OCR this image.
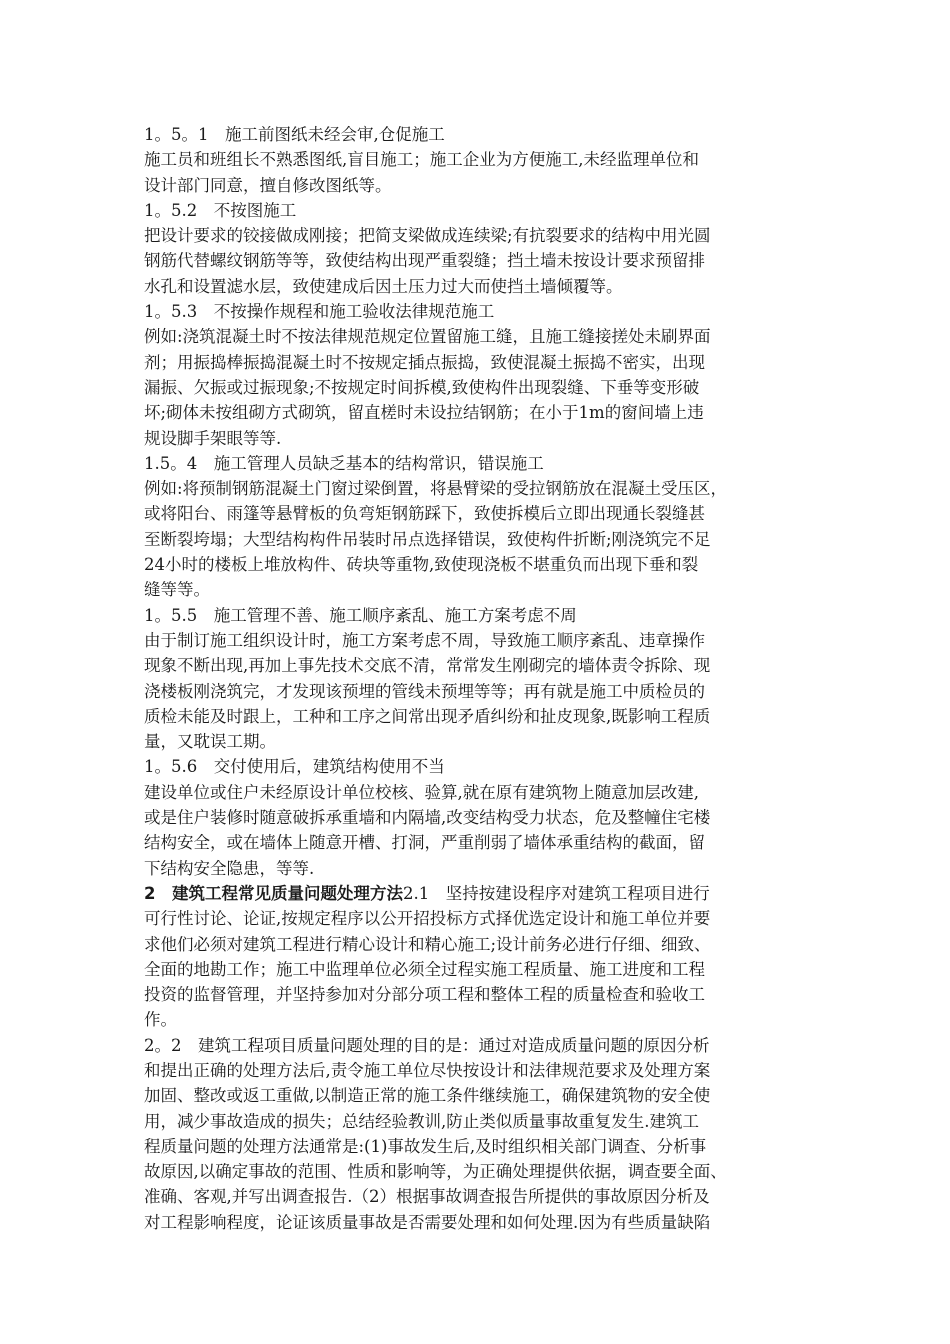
1。5。1　施工前图纸未经会审,仓促施工
施工员和班组长不熟悉图纸,盲目施工；施工企业为方便施工,未经监理单位和
设计部门同意，擅自修改图纸等。
1。5.2　不按图施工
把设计要求的铰接做成刚接；把简支梁做成连续梁;有抗裂要求的结构中用光圆
钢筋代替螺纹钢筋等等，致使结构出现严重裂缝；挡土墙未按设计要求预留排
水孔和设置滤水层，致使建成后因土压力过大而使挡土墙倾覆等。
1。5.3　不按操作规程和施工验收法律规范施工
例如:浇筑混凝土时不按法律规范规定位置留施工缝，且施工缝接搓处未刷界面
剂；用振捣棒振捣混凝土时不按规定插点振捣，致使混凝土振捣不密实，出现
漏振、欠振或过振现象;不按规定时间拆模,致使构件出现裂缝、下垂等变形破
坏;砌体未按组砌方式砌筑，留直槎时未设拉结钢筋；在小于1m的窗间墙上违
规设脚手架眼等等.
1.5。4　施工管理人员缺乏基本的结构常识，错误施工
例如:将预制钢筋混凝土门窗过梁倒置，将悬臂梁的受拉钢筋放在混凝土受压区，
或将阳台、雨篷等悬臂板的负弯矩钢筋踩下，致使拆模后立即出现通长裂缝甚
至断裂垮塌；大型结构构件吊装时吊点选择错误，致使构件折断;刚浇筑完不足
24小时的楼板上堆放构件、砖块等重物,致使现浇板不堪重负而出现下垂和裂
缝等等。
1。5.5　施工管理不善、施工顺序紊乱、施工方案考虑不周
由于制订施工组织设计时，施工方案考虑不周，导致施工顺序紊乱、违章操作
现象不断出现,再加上事先技术交底不清，常常发生刚砌完的墙体责令拆除、现
浇楼板刚浇筑完，才发现该预埋的管线未预埋等等；再有就是施工中质检员的
质检未能及时跟上，工种和工序之间常出现矛盾纠纷和扯皮现象,既影响工程质
量，又耽误工期。
1。5.6　交付使用后，建筑结构使用不当
建设单位或住户未经原设计单位校核、验算,就在原有建筑物上随意加层改建,
或是住户装修时随意破拆承重墙和内隔墙,改变结构受力状态，危及整幢住宅楼
结构安全，或在墙体上随意开槽、打洞，严重削弱了墙体承重结构的截面，留
下结构安全隐患，等等.
2　建筑工程常见质量问题处理方法2.1　坚持按建设程序对建筑工程项目进行
可行性讨论、论证,按规定程序以公开招投标方式择优选定设计和施工单位并要
求他们必须对建筑工程进行精心设计和精心施工;设计前务必进行仔细、细致、
全面的地勘工作；施工中监理单位必须全过程实施工程质量、施工进度和工程
投资的监督管理，并坚持参加对分部分项工程和整体工程的质量检查和验收工
作。
2。2　建筑工程项目质量问题处理的目的是：通过对造成质量问题的原因分析
和提出正确的处理方法后,责令施工单位尽快按设计和法律规范要求及处理方案
加固、整改或返工重做,以制造正常的施工条件继续施工，确保建筑物的安全使
用，减少事故造成的损失；总结经验教训,防止类似质量事故重复发生.建筑工
程质量问题的处理方法通常是:(1)事故发生后,及时组织相关部门调查、分析事
故原因,以确定事故的范围、性质和影响等，为正确处理提供依据，调查要全面、
准确、客观,并写出调查报告.（2）根据事故调查报告所提供的事故原因分析及
对工程影响程度，论证该质量事故是否需要处理和如何处理.因为有些质量缺陷
